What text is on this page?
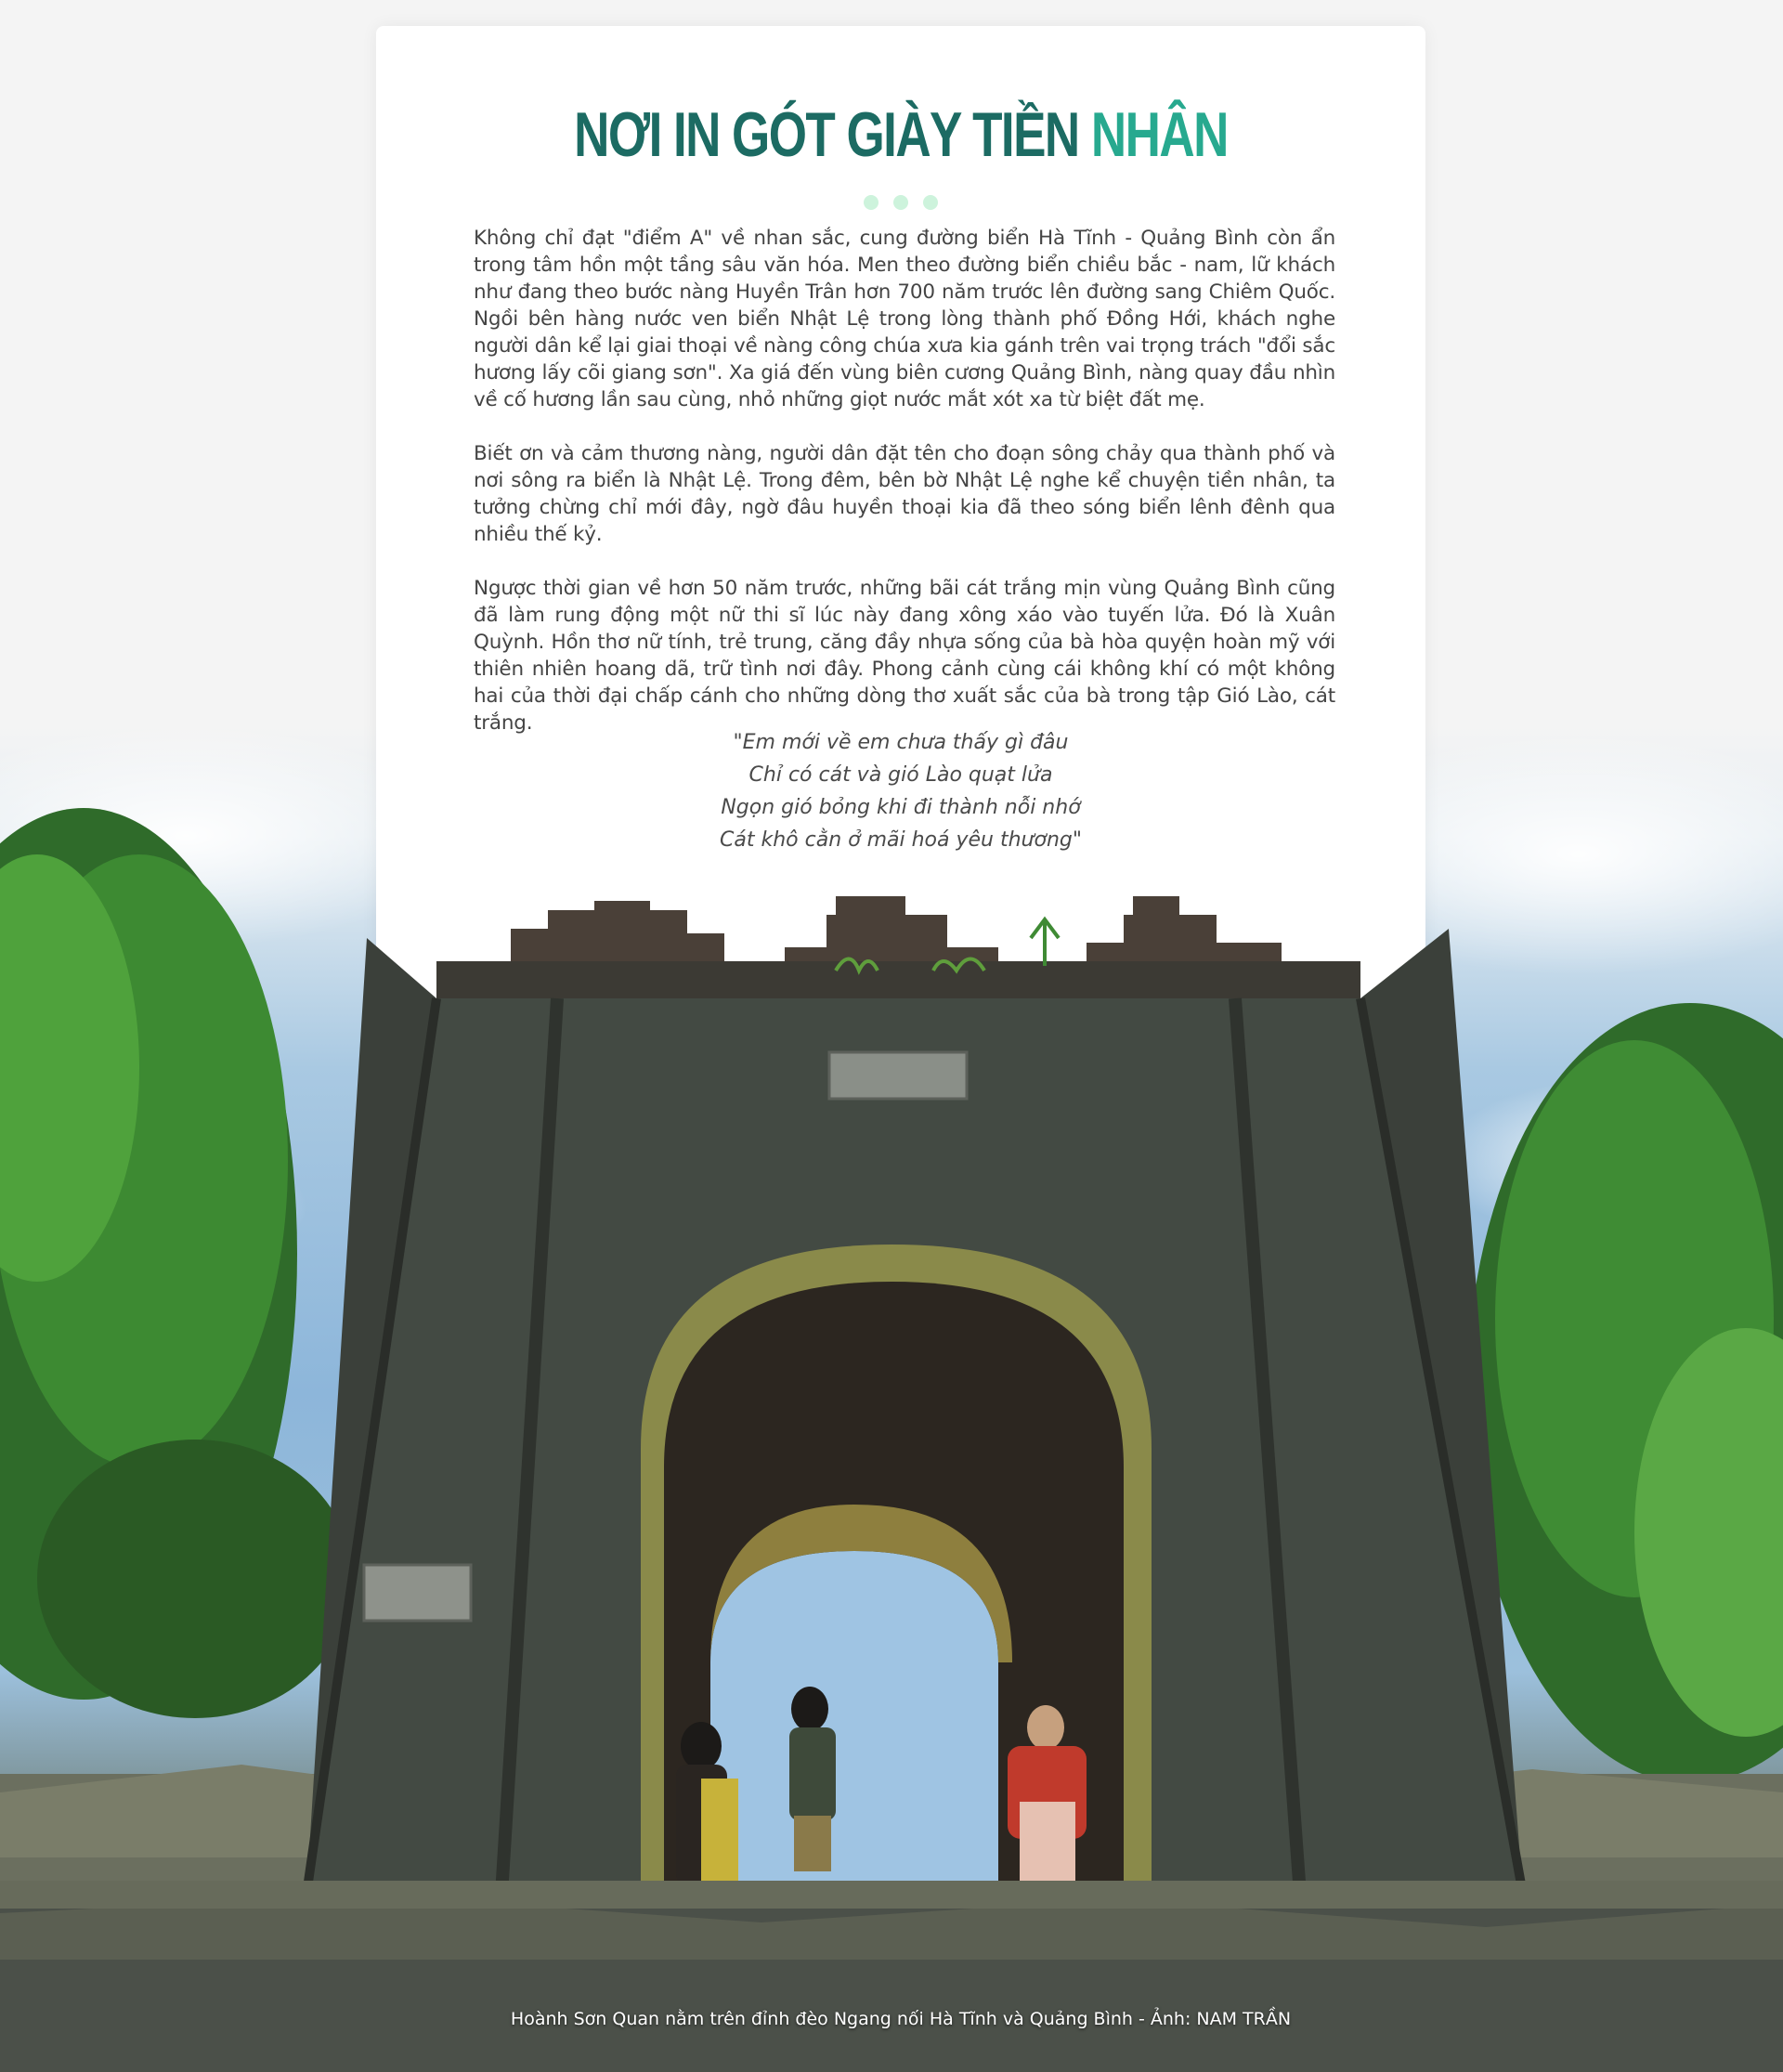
NƠI IN GÓT GIÀY TIỀN NHÂN

Không chỉ đạt "điểm A" về nhan sắc, cung đường biển Hà Tĩnh - Quảng Bình còn ẩn trong tâm hồn một tầng sâu văn hóa. Men theo đường biển chiều bắc - nam, lữ khách như đang theo bước nàng Huyền Trân hơn 700 năm trước lên đường sang Chiêm Quốc. Ngồi bên hàng nước ven biển Nhật Lệ trong lòng thành phố Đồng Hới, khách nghe người dân kể lại giai thoại về nàng công chúa xưa kia gánh trên vai trọng trách "đổi sắc hương lấy cõi giang sơn". Xa giá đến vùng biên cương Quảng Bình, nàng quay đầu nhìn về cố hương lần sau cùng, nhỏ những giọt nước mắt xót xa từ biệt đất mẹ.

Biết ơn và cảm thương nàng, người dân đặt tên cho đoạn sông chảy qua thành phố và nơi sông ra biển là Nhật Lệ. Trong đêm, bên bờ Nhật Lệ nghe kể chuyện tiền nhân, ta tưởng chừng chỉ mới đây, ngờ đâu huyền thoại kia đã theo sóng biển lênh đênh qua nhiều thế kỷ.

Ngược thời gian về hơn 50 năm trước, những bãi cát trắng mịn vùng Quảng Bình cũng đã làm rung động một nữ thi sĩ lúc này đang xông xáo vào tuyến lửa. Đó là Xuân Quỳnh. Hồn thơ nữ tính, trẻ trung, căng đầy nhựa sống của bà hòa quyện hoàn mỹ với thiên nhiên hoang dã, trữ tình nơi đây. Phong cảnh cùng cái không khí có một không hai của thời đại chấp cánh cho những dòng thơ xuất sắc của bà trong tập Gió Lào, cát trắng.

"Em mới về em chưa thấy gì đâu
Chỉ có cát và gió Lào quạt lửa
Ngọn gió bỏng khi đi thành nỗi nhớ
Cát khô cằn ở mãi hoá yêu thương"
Hoành Sơn Quan nằm trên đỉnh đèo Ngang nối Hà Tĩnh và Quảng Bình - Ảnh: NAM TRẦN
